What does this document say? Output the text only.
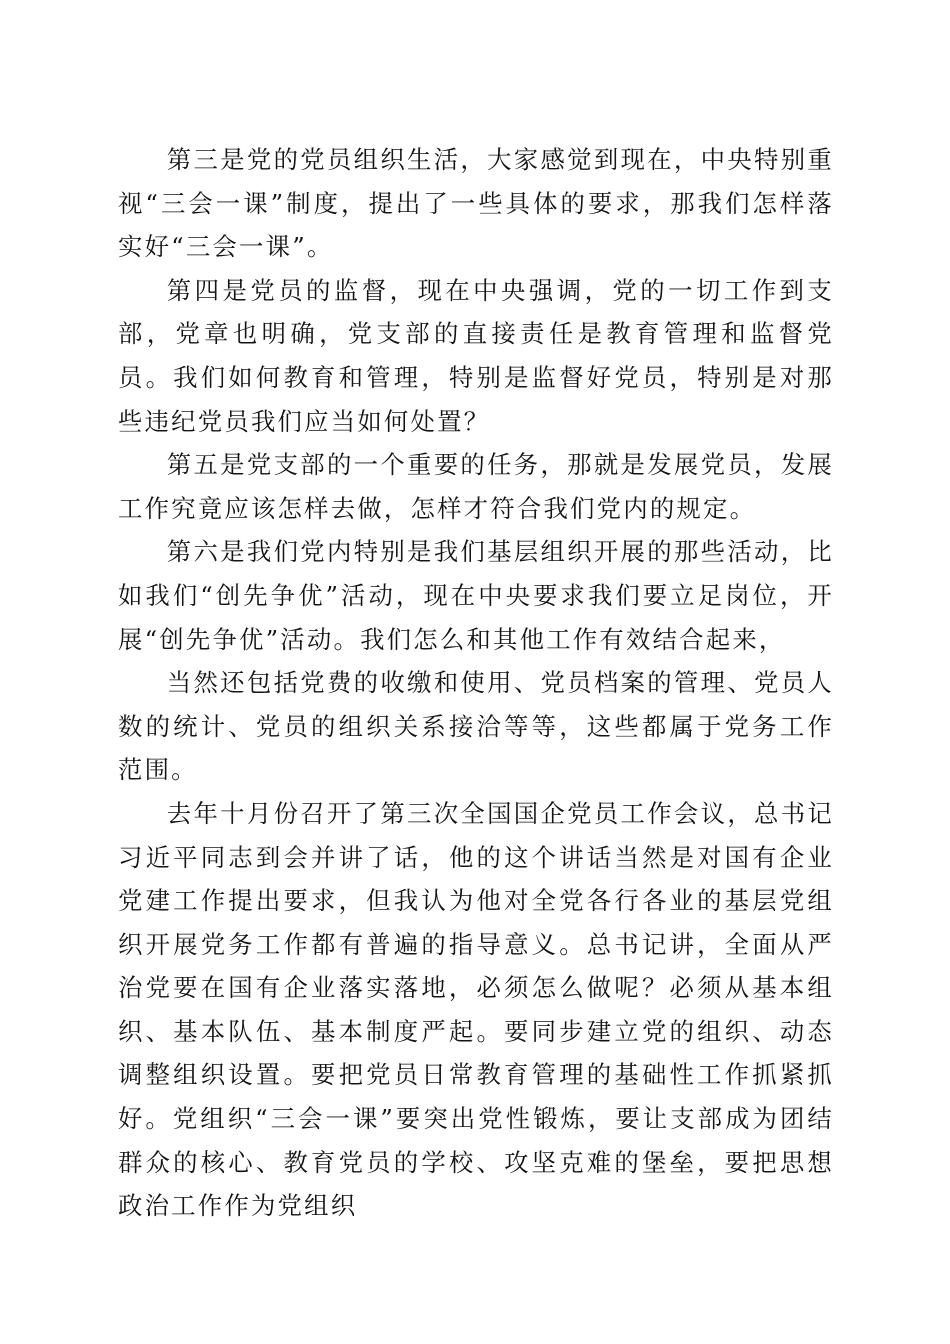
第三是党的党员组织生活，大家感觉到现在，中央特别重视“三会一课”制度，提出了一些具体的要求，那我们怎样落实好“三会一课”。

第四是党员的监督，现在中央强调，党的一切工作到支部，党章也明确，党支部的直接责任是教育管理和监督党员。我们如何教育和管理，特别是监督好党员，特别是对那些违纪党员我们应当如何处置？

第五是党支部的一个重要的任务，那就是发展党员，发展工作究竟应该怎样去做，怎样才符合我们党内的规定。

第六是我们党内特别是我们基层组织开展的那些活动，比如我们“创先争优”活动，现在中央要求我们要立足岗位，开展“创先争优”活动。我们怎么和其他工作有效结合起来，

当然还包括党费的收缴和使用、党员档案的管理、党员人数的统计、党员的组织关系接洽等等，这些都属于党务工作范围。

去年十月份召开了第三次全国国企党员工作会议，总书记习近平同志到会并讲了话，他的这个讲话当然是对国有企业党建工作提出要求，但我认为他对全党各行各业的基层党组织开展党务工作都有普遍的指导意义。总书记讲，全面从严治党要在国有企业落实落地，必须怎么做呢？必须从基本组织、基本队伍、基本制度严起。要同步建立党的组织、动态调整组织设置。要把党员日常教育管理的基础性工作抓紧抓好。党组织“三会一课”要突出党性锻炼，要让支部成为团结群众的核心、教育党员的学校、攻坚克难的堡垒，要把思想政治工作作为党组织
